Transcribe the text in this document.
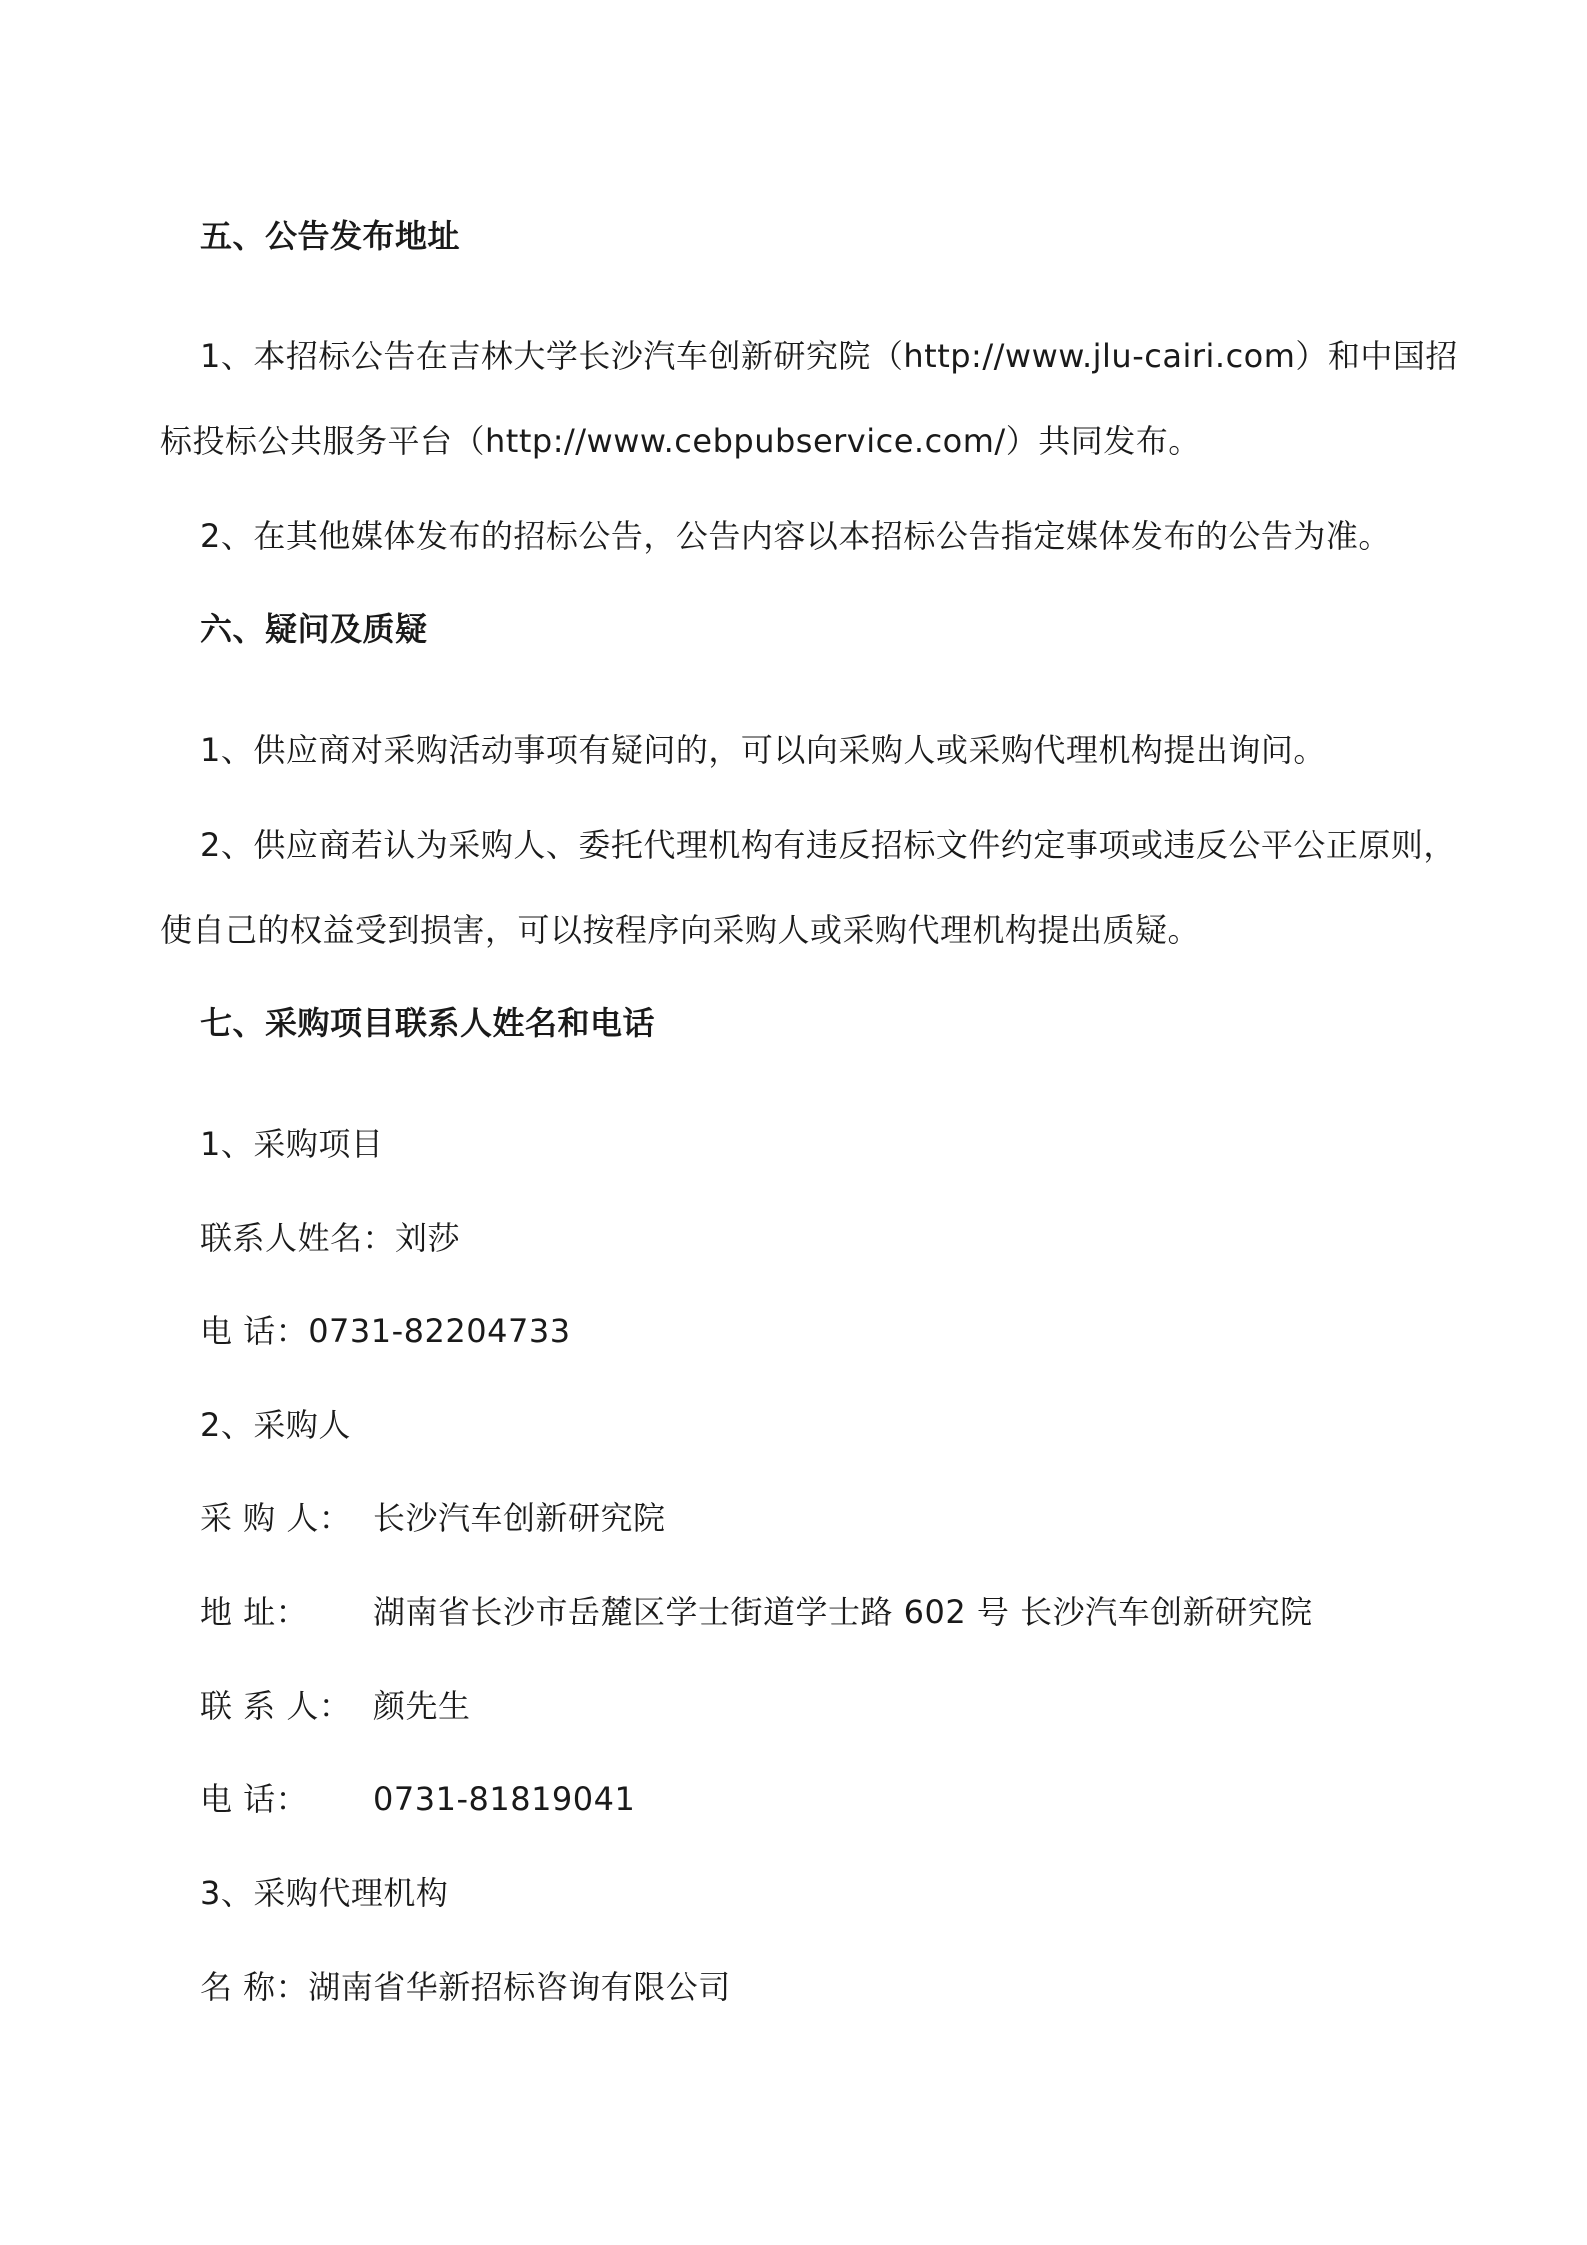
五、公告发布地址
1、本招标公告在吉林大学长沙汽车创新研究院（http://www.jlu-cairi.com）和中国招
标投标公共服务平台（http://www.cebpubservice.com/）共同发布。
2、在其他媒体发布的招标公告，公告内容以本招标公告指定媒体发布的公告为准。
六、疑问及质疑
1、供应商对采购活动事项有疑问的，可以向采购人或采购代理机构提出询问。
2、供应商若认为采购人、委托代理机构有违反招标文件约定事项或违反公平公正原则，
使自己的权益受到损害，可以按程序向采购人或采购代理机构提出质疑。
七、采购项目联系人姓名和电话
1、采购项目
联系人姓名：刘莎
电 话：0731-82204733
2、采购人
采 购 人： 长沙汽车创新研究院
地 址： 湖南省长沙市岳麓区学士街道学士路 602 号 长沙汽车创新研究院
联 系 人： 颜先生
电 话： 0731-81819041
3、采购代理机构
名 称：湖南省华新招标咨询有限公司
